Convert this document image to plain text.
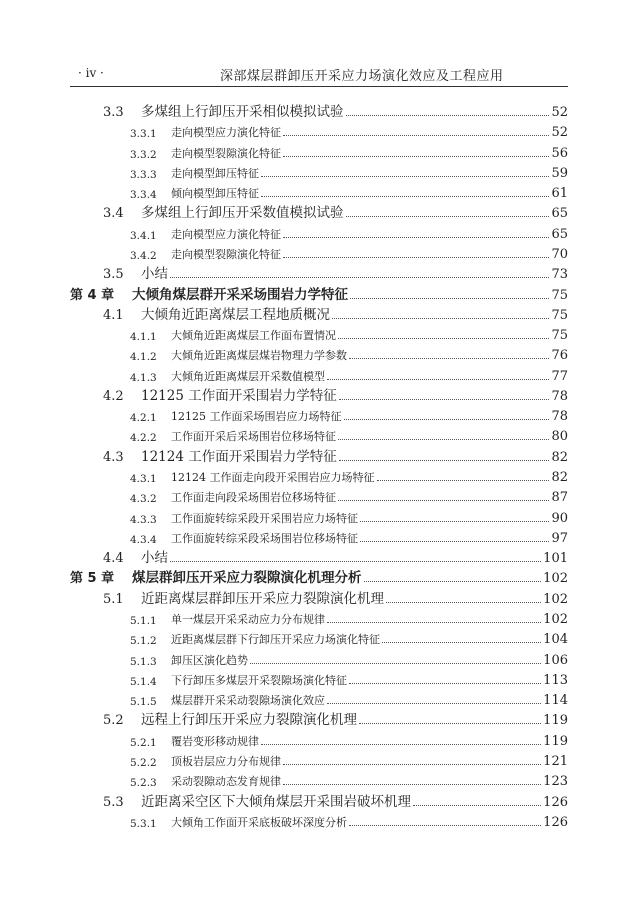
· iv ·	深部煤层群卸压开采应力场演化效应及工程应用
3.3	多煤组上行卸压开采相似模拟试验	52
3.3.1	走向模型应力演化特征	52
3.3.2	走向模型裂隙演化特征	56
3.3.3	走向模型卸压特征	59
3.3.4	倾向模型卸压特征	61
3.4	多煤组上行卸压开采数值模拟试验	65
3.4.1	走向模型应力演化特征	65
3.4.2	走向模型裂隙演化特征	70
3.5	小结	73
第 4 章	大倾角煤层群开采采场围岩力学特征	75
4.1	大倾角近距离煤层工程地质概况	75
4.1.1	大倾角近距离煤层工作面布置情况	75
4.1.2	大倾角近距离煤层煤岩物理力学参数	76
4.1.3	大倾角近距离煤层开采数值模型	77
4.2	12125 工作面开采围岩力学特征	78
4.2.1	12125 工作面采场围岩应力场特征	78
4.2.2	工作面开采后采场围岩位移场特征	80
4.3	12124 工作面开采围岩力学特征	82
4.3.1	12124 工作面走向段开采围岩应力场特征	82
4.3.2	工作面走向段采场围岩位移场特征	87
4.3.3	工作面旋转综采段开采围岩应力场特征	90
4.3.4	工作面旋转综采段采场围岩位移场特征	97
4.4	小结	101
第 5 章	煤层群卸压开采应力裂隙演化机理分析	102
5.1	近距离煤层群卸压开采应力裂隙演化机理	102
5.1.1	单一煤层开采采动应力分布规律	102
5.1.2	近距离煤层群下行卸压开采应力场演化特征	104
5.1.3	卸压区演化趋势	106
5.1.4	下行卸压多煤层开采裂隙场演化特征	113
5.1.5	煤层群开采采动裂隙场演化效应	114
5.2	远程上行卸压开采应力裂隙演化机理	119
5.2.1	覆岩变形移动规律	119
5.2.2	顶板岩层应力分布规律	121
5.2.3	采动裂隙动态发育规律	123
5.3	近距离采空区下大倾角煤层开采围岩破坏机理	126
5.3.1	大倾角工作面开采底板破坏深度分析	126
